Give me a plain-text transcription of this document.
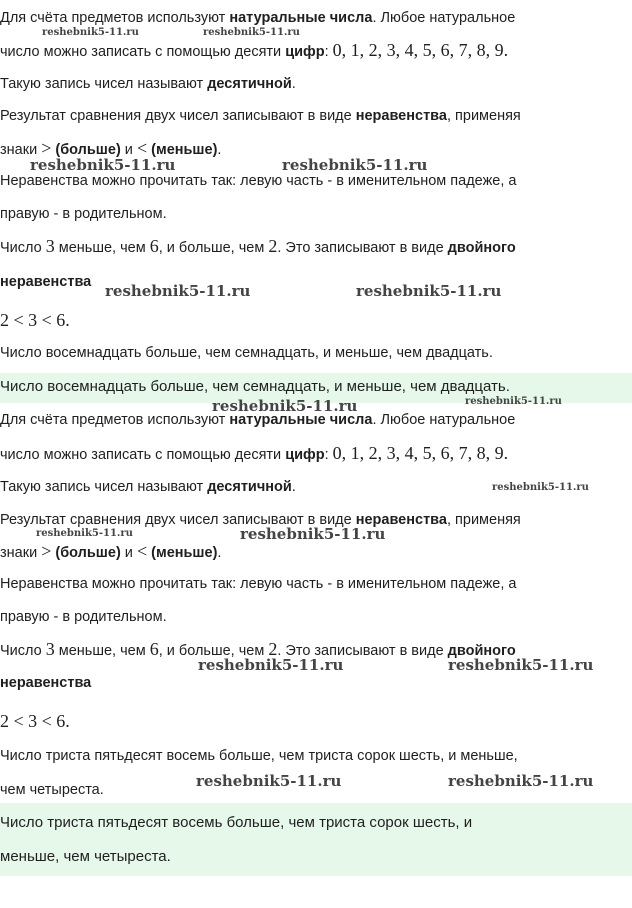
Для счёта предметов используют натуральные числа. Любое натуральное
число можно записать с помощью десяти цифр: 0, 1, 2, 3, 4, 5, 6, 7, 8, 9.
Такую запись чисел называют десятичной.
Результат сравнения двух чисел записывают в виде неравенства, применяя
знаки > (больше) и < (меньше).
Неравенства можно прочитать так: левую часть - в именительном падеже, а
правую - в родительном.
Число 3 меньше, чем 6, и больше, чем 2. Это записывают в виде двойного
неравенства
2 < 3 < 6.
Число восемнадцать больше, чем семнадцать, и меньше, чем двадцать.
Число восемнадцать больше, чем семнадцать, и меньше, чем двадцать.
Для счёта предметов используют натуральные числа. Любое натуральное
число можно записать с помощью десяти цифр: 0, 1, 2, 3, 4, 5, 6, 7, 8, 9.
Такую запись чисел называют десятичной.
Результат сравнения двух чисел записывают в виде неравенства, применяя
знаки > (больше) и < (меньше).
Неравенства можно прочитать так: левую часть - в именительном падеже, а
правую - в родительном.
Число 3 меньше, чем 6, и больше, чем 2. Это записывают в виде двойного
неравенства
2 < 3 < 6.
Число триста пятьдесят восемь больше, чем триста сорок шесть, и меньше,
чем четыреста.
Число триста пятьдесят восемь больше, чем триста сорок шесть, и
меньше, чем четыреста.
reshebnik5-11.ru	reshebnik5-11.ru
reshebnik5-11.ru	reshebnik5-11.ru
reshebnik5-11.ru	reshebnik5-11.ru
reshebnik5-11.ru	reshebnik5-11.ru
reshebnik5-11.ru
reshebnik5-11.ru	reshebnik5-11.ru
reshebnik5-11.ru	reshebnik5-11.ru
reshebnik5-11.ru	reshebnik5-11.ru
